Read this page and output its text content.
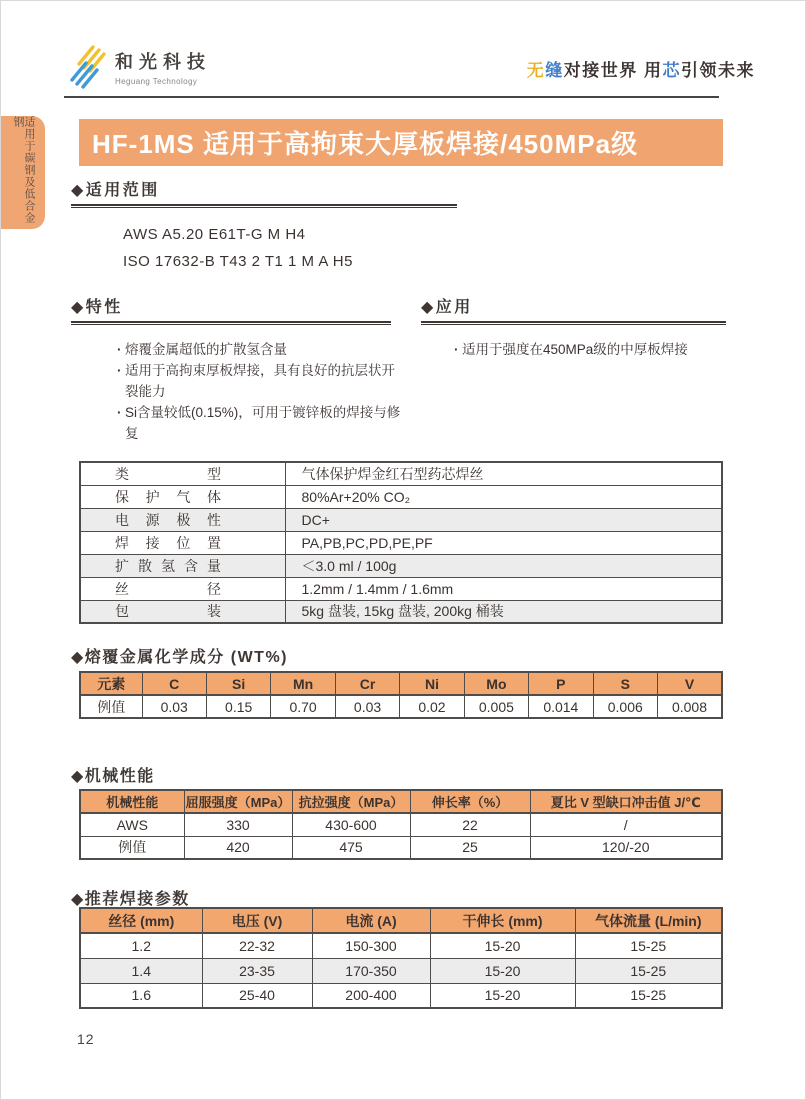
和光科技
Heguang Technology
无缝对接世界 用芯引领未来
适用于碳钢及低合金钢
HF-1MS 适用于高拘束大厚板焊接/450MPa级
◆适用范围
AWS A5.20 E61T-G M H4
ISO 17632-B T43 2 T1 1 M A H5
◆特性
· 熔覆金属超低的扩散氢含量
· 适用于高拘束厚板焊接，具有良好的抗层状开裂能力
· Si含量较低(0.15%)，可用于镀锌板的焊接与修复
◆应用
· 适用于强度在450MPa级的中厚板焊接
类型	气体保护焊金红石型药芯焊丝

保护气体	80%Ar+20% CO₂

电源极性	DC+

焊接位置	PA,PB,PC,PD,PE,PF

扩散氢含量	＜3.0 ml / 100g

丝径	1.2mm / 1.4mm / 1.6mm

包装	5kg 盘装, 15kg 盘装, 200kg 桶装
◆熔覆金属化学成分 (WT%)
元素	C	Si	Mn	Cr	Ni	Mo	P	S	V
例值	0.03	0.15	0.70	0.03	0.02	0.005	0.014	0.006	0.008
◆机械性能
机械性能	屈服强度（MPa）	抗拉强度（MPa）	伸长率（%）	夏比 V 型缺口冲击值 J/℃
AWS	330	430-600	22	/
例值	420	475	25	120/-20
◆推荐焊接参数
丝径 (mm)	电压 (V)	电流 (A)	干伸长 (mm)	气体流量 (L/min)
1.2	22-32	150-300	15-20	15-25
1.4	23-35	170-350	15-20	15-25
1.6	25-40	200-400	15-20	15-25
12
